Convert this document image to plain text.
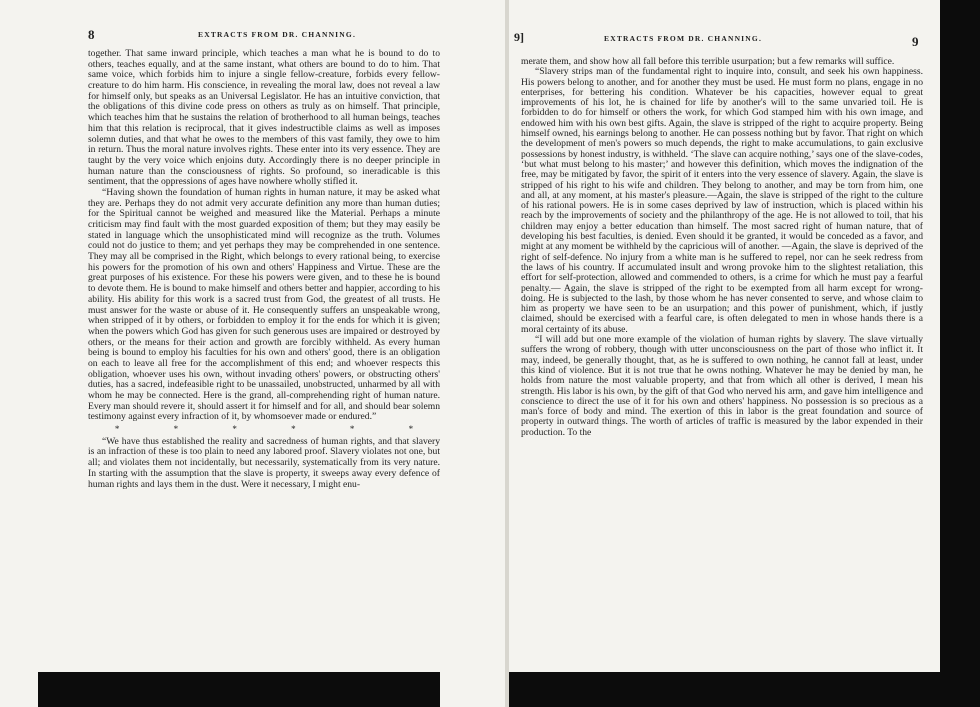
8	EXTRACTS FROM DR. CHANNING.

together. That same inward principle, which teaches a man what he is bound to do to others, teaches equally, and at the same instant, what others are bound to do to him. That same voice, which forbids him to injure a single fellow-creature, forbids every fellow-creature to do him harm. His conscience, in revealing the moral law, does not reveal a law for himself only, but speaks as an Universal Legislator. He has an intuitive conviction, that the obligations of this divine code press on others as truly as on himself. That principle, which teaches him that he sustains the relation of brotherhood to all human beings, teaches him that this relation is reciprocal, that it gives indestructible claims as well as imposes solemn duties, and that what he owes to the members of this vast family, they owe to him in return. Thus the moral nature involves rights. These enter into its very essence. They are taught by the very voice which enjoins duty. Accordingly there is no deeper principle in human nature than the consciousness of rights. So profound, so ineradicable is this sentiment, that the oppressions of ages have nowhere wholly stifled it.

“Having shown the foundation of human rights in human nature, it may be asked what they are. Perhaps they do not admit very accurate definition any more than human duties; for the Spiritual cannot be weighed and measured like the Material. Perhaps a minute criticism may find fault with the most guarded exposition of them; but they may easily be stated in language which the unsophisticated mind will recognize as the truth. Volumes could not do justice to them; and yet perhaps they may be comprehended in one sentence. They may all be comprised in the Right, which belongs to every rational being, to exercise his powers for the promotion of his own and others' Happiness and Virtue. These are the great purposes of his existence. For these his powers were given, and to these he is bound to devote them. He is bound to make himself and others better and happier, according to his ability. His ability for this work is a sacred trust from God, the greatest of all trusts. He must answer for the waste or abuse of it. He consequently suffers an unspeakable wrong, when stripped of it by others, or forbidden to employ it for the ends for which it is given; when the powers which God has given for such generous uses are impaired or destroyed by others, or the means for their action and growth are forcibly withheld. As every human being is bound to employ his faculties for his own and others' good, there is an obligation on each to leave all free for the accomplishment of this end; and whoever respects this obligation, whoever uses his own, without invading others' powers, or obstructing others' duties, has a sacred, indefeasible right to be unassailed, unobstructed, unharmed by all with whom he may be connected. Here is the grand, all-comprehending right of human nature. Every man should revere it, should assert it for himself and for all, and should bear solemn testimony against every infraction of it, by whomsoever made or endured.”

* * * * * *

“We have thus established the reality and sacredness of human rights, and that slavery is an infraction of these is too plain to need any labored proof. Slavery violates not one, but all; and violates them not incidentally, but necessarily, systematically from its very nature. In starting with the assumption that the slave is property, it sweeps away every defence of human rights and lays them in the dust. Were it necessary, I might enu-

9]	EXTRACTS FROM DR. CHANNING.	9

merate them, and show how all fall before this terrible usurpation; but a few remarks will suffice.

“Slavery strips man of the fundamental right to inquire into, consult, and seek his own happiness. His powers belong to another, and for another they must be used. He must form no plans, engage in no enterprises, for bettering his condition. Whatever be his capacities, however equal to great improvements of his lot, he is chained for life by another's will to the same unvaried toil. He is forbidden to do for himself or others the work, for which God stamped him with his own image, and endowed him with his own best gifts. Again, the slave is stripped of the right to acquire property. Being himself owned, his earnings belong to another. He can possess nothing but by favor. That right on which the development of men's powers so much depends, the right to make accumulations, to gain exclusive possessions by honest industry, is withheld. ‘The slave can acquire nothing,’ says one of the slave-codes, ‘but what must belong to his master;’ and however this definition, which moves the indignation of the free, may be mitigated by favor, the spirit of it enters into the very essence of slavery. Again, the slave is stripped of his right to his wife and children. They belong to another, and may be torn from him, one and all, at any moment, at his master's pleasure.—Again, the slave is stripped of the right to the culture of his rational powers. He is in some cases deprived by law of instruction, which is placed within his reach by the improvements of society and the philanthropy of the age. He is not allowed to toil, that his children may enjoy a better education than himself. The most sacred right of human nature, that of developing his best faculties, is denied. Even should it be granted, it would be conceded as a favor, and might at any moment be withheld by the capricious will of another. —Again, the slave is deprived of the right of self-defence. No injury from a white man is he suffered to repel, nor can he seek redress from the laws of his country. If accumulated insult and wrong provoke him to the slightest retaliation, this effort for self-protection, allowed and commended to others, is a crime for which he must pay a fearful penalty.— Again, the slave is stripped of the right to be exempted from all harm except for wrong-doing. He is subjected to the lash, by those whom he has never consented to serve, and whose claim to him as property we have seen to be an usurpation; and this power of punishment, which, if justly claimed, should be exercised with a fearful care, is often delegated to men in whose hands there is a moral certainty of its abuse.

“I will add but one more example of the violation of human rights by slavery. The slave virtually suffers the wrong of robbery, though with utter unconsciousness on the part of those who inflict it. It may, indeed, be generally thought, that, as he is suffered to own nothing, he cannot fall at least, under this kind of violence. But it is not true that he owns nothing. Whatever he may be denied by man, he holds from nature the most valuable property, and that from which all other is derived, I mean his strength. His labor is his own, by the gift of that God who nerved his arm, and gave him intelligence and conscience to direct the use of it for his own and others' happiness. No possession is so precious as a man's force of body and mind. The exertion of this in labor is the great foundation and source of property in outward things. The worth of articles of traffic is measured by the labor expended in their production. To the
